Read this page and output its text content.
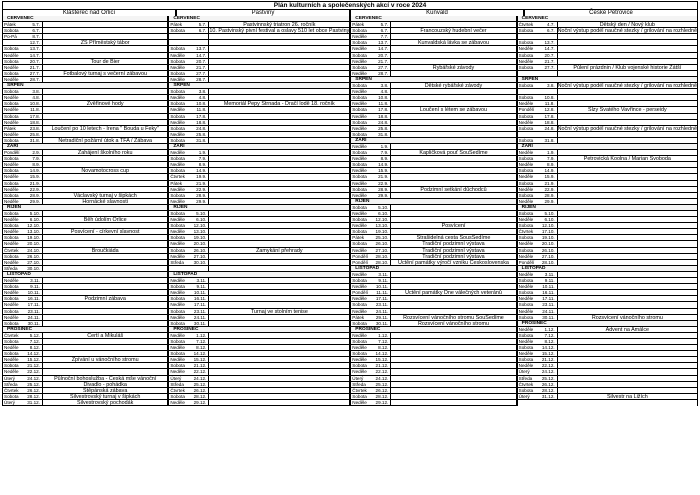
Plán kulturních a společenských akcí v roce 2024
Klášterec nad Orlicí	Pastviny	Kunvald	České Petrovice
ČERVENEC
Pátek	5.7.
Sobota	6.7.
Po-Pá	8.7.
12.7.	ZŠ Příměstský tábor
Sobota	13.7.
Neděle	14.7.
Sobota	20.7.	Tour de Bier
Neděle	21.7.
Sobota	27.7.	Fotbalový turnaj s večerní zábavou
Neděle	28.7.
SRPEN
Sobota	3.8.
Neděle	4.8.
Sobota	10.8.	Žvěřinové hody
Neděle	11.8.
Sobota	17.8.
Neděle	18.8.
Pátek	23.8.	Loučení po 10 letech - Irena " Bouda u Feky"
Neděle	25.8.
Sobota	31.8.	Netradiční požární útok a TFA / Zábava
ZÁŘÍ
Pondělí	2.9.	Zahájení školního roku
Sobota	7.9.
Neděle	8.9.
Sobota	14.9.	Novamotocross cup
Neděle	15.9.
Sobota	21.9.
Neděle	22.9.
Sobota	28.9.	Václavský turnaj v šipkách
Neděle	29.9.	Hornácké slavnosti
ŘÍJEN
Sobota	5.10.
Neděle	6.10.	Běh údolím Orlice
Sobota	12.10.
Neděle	13.10.	Posvícení - církevní slavnost
Sobota	19.10.
Neděle	20.10.
Čtvrtek	24.10.	Broučkiáda
Sobota	26.10.
Neděle	27.10.
Středa	30.10.
LISTOPAD
Neděle	3.11.
Sobota	9.11.
Neděle	10.11.
Sobota	16.11.	Podzimní zábava
Neděle	17.11.
Sobota	23.11.
Neděle	24.11.
Sobota	30.11.
PROSINEC
Čtvrtek	5.12.	Čertí a Mikuláš
Sobota	7.12.
Neděle	8.12.
Sobota	14.12.
Neděle	15.12.	Zpívání u vánočního stromu
Sobota	21.12.
Neděle	22.12.
Úterý	24.12.	Půlnoční bohoslužba - Česká mše vánoční
Středa	25.12.	Divadlo - pohádka
Čtvrtek	26.12.	Štěpánská zábava
Sobota	28.12.	Silvestrovský turnaj v šipkách
Úterý	31.12.	Silvestrovský pochodák
ČERVENEC
Pátek	5.7.	Pastvinnský triatron 26. ročník
Sobota	6.7. 10. Pastvinský pivní festival a oslavy 510 let obce Pastviny
Sobota	13.7.
Neděle	14.7.
Sobota	20.7.
Neděle	21.7.
Sobota	27.7.
Neděle	28.7.
SRPEN
Sobota	3.8.
Neděle	4.8.
Sobota	10.8.	Memoriál Pepy Strnada - Dračí lodě 18. ročník
Neděle	11.8.
Sobota	17.8.
Neděle	18.8.
Sobota	24.8.
Neděle	25.8.
Sobota	31.8.
ZÁŘÍ
Neděle	1.9.
Sobota	7.9.
Neděle	8.9.
Sobota	14.9.
Čtvrtek	19.9.
Pátek	21.9.
Neděle	22.9.
Sobota	28.9.
Neděle	29.9.
ŘÍJEN
Sobota	5.10.
Neděle	6.10.
Sobota	12.10.
Neděle	13.10.
Sobota	19.10.
Neděle	20.10.
Sobota	26.10.	Zamykání přehrady
Neděle	27.10.
Středa	30.10.
LISTOPAD
Neděle	3.11.
Sobota	9.11.
Neděle	10.11.
Sobota	16.11.
Neděle	17.11.
Sobota	23.11.	Turnaj ve stolním tenise
Neděle	24.11.
Sobota	30.11.
PROSINEC
Neděle	1.12.
Sobota	7.12.
Neděle	8.12.
Sobota	14.12.
Neděle	15.12.
Sobota	21.12.
Neděle	22.12.
Úterý	24.12.
Středa	25.12.
Čtvrtek	26.12.
Sobota	28.12.
Neděle	29.12.
ČERVENEC
Pátek	5.7.
Sobota	6.7.	Francouzský hudební večer
Neděle	7.7.
Sobota	13.7.	Kunvaldská lávka se zábavou
Neděle	14.7.
Sobota	20.7.
Neděle	21.7.
Sobota	27.7.	Rybářské závody
Neděle	28.7.
SRPEN
Sobota	3.8.	Dětské rybářské závody
Neděle	4.8.
Sobota	10.8.
Neděle	11.8.
Sobota	17.8.	Loučení s létem se zábavou
Neděle	18.8.
Sobota	24.8.
Neděle	25.8.
Sobota	31.8.
ZÁŘÍ
Neděle	1.9.
Sobota	7.9.	Kapličková pouť SouSedíme
Neděle	8.9.
Sobota	14.9.
Neděle	15.9.
Sobota	21.9.
Neděle	22.9.
Sobota	28.9.	Podzimní setkání důchodců
Neděle	29.9.
ŘÍJEN
Sobota	5.10.
Neděle	6.10.
Sobota	12.10.
Neděle	13.10.	Posvícení
Sobota	19.10.
Pátek	25.10.	Strašidelná cesta SousSedíme
Sobota	26.10.	Tradiční podzimní výstava
Neděle	27.10.	Tradiční podzimní výstava
Pondělí	28.10.	Tradiční podzimní výstava
Pondělí	28.10.	Uctění památky výročí vzniku Československa
LISTOPAD
Neděle	3.11.
Sobota	9.11.
Neděle	10.11.
Pondělí	11.11.	Uctění památky Dne válečných veteránů
Neděle	17.11.
Sobota	23.11.
Neděle	24.11.
Pátek	29.11.	Rozsvícení vánočního stromu SouSedíme
Sobota	30.11.	Rozsvícení vánočního stromu
PROSINEC
Neděle	1.12.
Sobota	7.12.
Neděle	8.12.
Sobota	14.12.
Neděle	15.12.
Sobota	21.12.
Neděle	22.12.
Úterý	24.12.
Středa	25.12.
Čtvrtek	26.12.
Sobota	28.12.
Neděle	29.12.
ČERVENEC
Čtvrtek	4.7.	Dětský den / Nový klub
Sobota	6.7. Noční výstup podél naučné stezky / grilování na rozhledně
Sobota	13.7.
Neděle	14.7.
Sobota	20.7.
Neděle	21.7.
Sobota	27.7.	Půlení prázdnin / Klub vojenské historie Zátší
SRPEN
Sobota	3.8. Noční výstup podél naučné stezky / grilování na rozhledně
Sobota	10.8.
Neděle	11.8.
Pondělí	12.8.	Slzy Svatého Vavřince - perseidy
Sobota	17.8.
Neděle	18.8.
Sobota	24.8. Noční výstup podél naučné stezky / grilování na rozhledně
Sobota	31.8.
ZÁŘÍ
Neděle	1.9.
Sobota	7.9.	Petrovická Koolna / Marian Svoboda
Neděle	8.9.
Sobota	14.9.
Neděle	15.9.
Sobota	21.9.
Neděle	22.9.
Sobota	28.9.
Neděle	29.9.
ŘÍJEN
Sobota	5.10.
Neděle	6.10.
Sobota	12.10.
Čtvrtek	17.10.
Sobota	19.10.
Neděle	20.10.
Sobota	26.10.
Neděle	27.10.
Pondělí	28.10.
LISTOPAD
Neděle	3.11.
Sobota	9.11.
Neděle	10.11.
Sobota	16.11.
Neděle	17.11.
Sobota	23.11.
Neděle	24.11.
Sobota	30.11.	Rozsvícení vánočního stromu
PROSINEC
Neděle	1.12.	Advent na Amálce
Sobota	7.12.
Neděle	8.12.
Sobota	14.12.
Neděle	15.12.
Sobota	21.12.
Neděle	22.12.
Úterý	24.12.
Středa	25.12.
Čtvrtek	26.12.
Sobota	28.12.
Úterý	31.12.	Silvestr na Ližích
